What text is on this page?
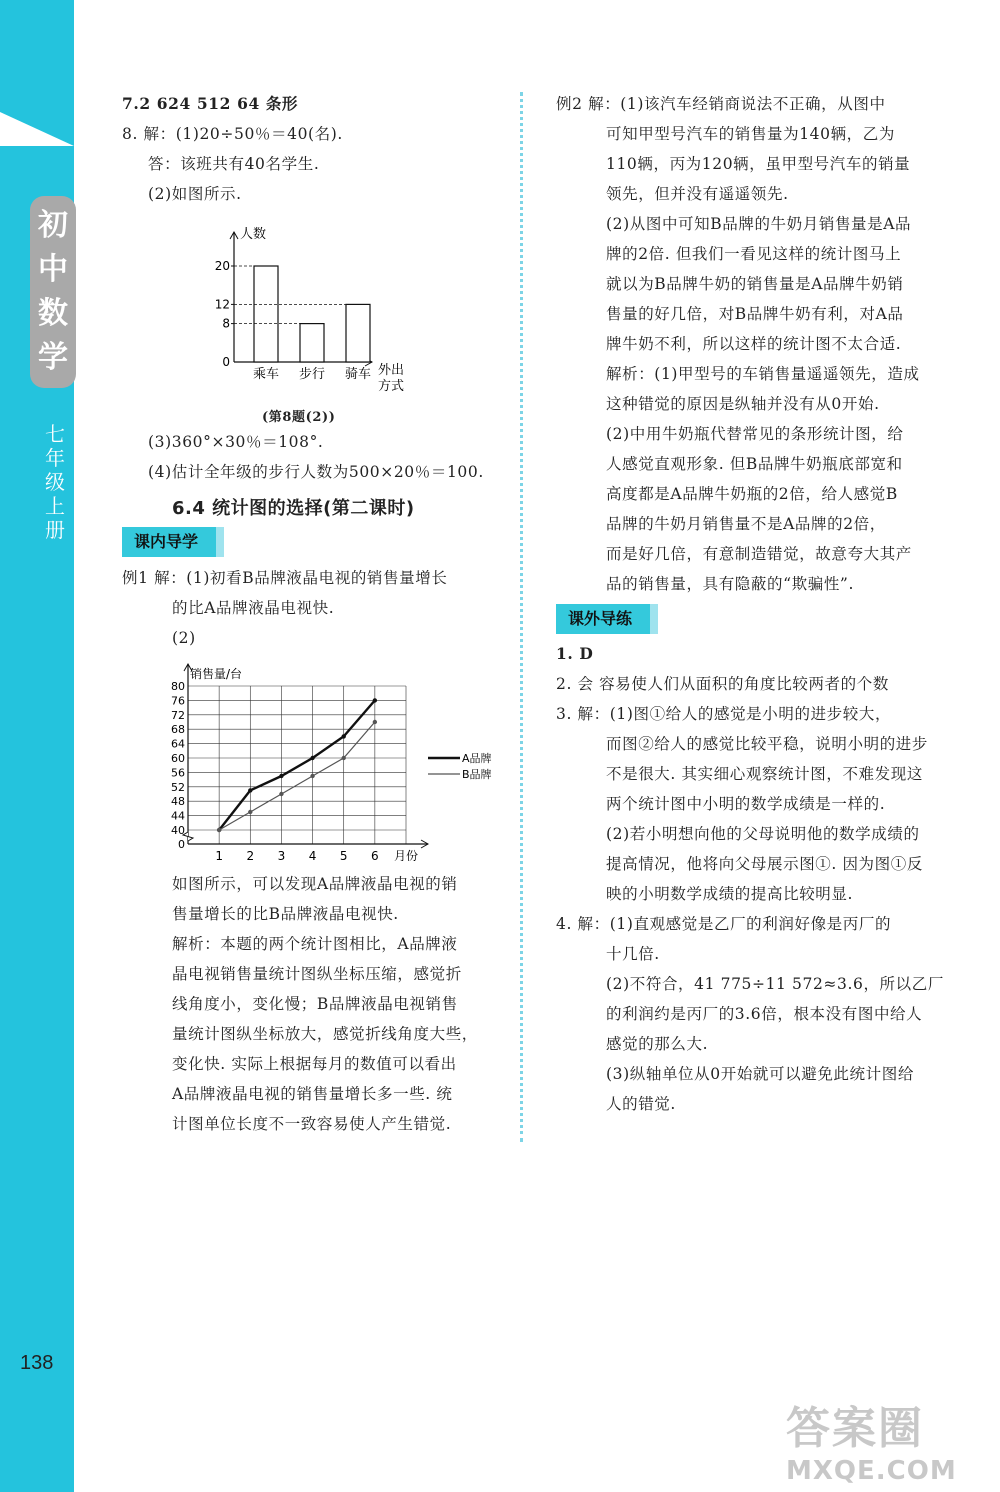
初
中
数
学
七
年
级
上
册
138
7.2 624 512 64 条形
8. 解：(1)20÷50％＝40(名).
答：该班共有40名学生.
(2)如图所示.
人数
外出
方式
0
8
12
20
乘车 步行 骑车
(第8题(2))
(3)360°×30％＝108°.
(4)估计全年级的步行人数为500×20％＝100.
6.4 统计图的选择(第二课时)
课内导学
例1 解：(1)初看B品牌液晶电视的销售量增长
的比A品牌液晶电视快.
(2)
销售量/台
月份
0
40
44
48
52
56
60
64
68
72
76
80
1 2 3 4 5 6
A品牌
B品牌
如图所示，可以发现A品牌液晶电视的销
售量增长的比B品牌液晶电视快.
解析：本题的两个统计图相比，A品牌液
晶电视销售量统计图纵坐标压缩，感觉折
线角度小，变化慢；B品牌液晶电视销售
量统计图纵坐标放大，感觉折线角度大些，
变化快. 实际上根据每月的数值可以看出
A品牌液晶电视的销售量增长多一些. 统
计图单位长度不一致容易使人产生错觉.
例2 解：(1)该汽车经销商说法不正确，从图中
可知甲型号汽车的销售量为140辆，乙为
110辆，丙为120辆，虽甲型号汽车的销量
领先，但并没有遥遥领先.
(2)从图中可知B品牌的牛奶月销售量是A品
牌的2倍. 但我们一看见这样的统计图马上
就以为B品牌牛奶的销售量是A品牌牛奶销
售量的好几倍，对B品牌牛奶有利，对A品
牌牛奶不利，所以这样的统计图不太合适.
解析：(1)甲型号的车销售量遥遥领先，造成
这种错觉的原因是纵轴并没有从0开始.
(2)中用牛奶瓶代替常见的条形统计图，给
人感觉直观形象. 但B品牌牛奶瓶底部宽和
高度都是A品牌牛奶瓶的2倍，给人感觉B
品牌的牛奶月销售量不是A品牌的2倍，
而是好几倍，有意制造错觉，故意夸大其产
品的销售量，具有隐蔽的“欺骗性”.
课外导练
1. D
2. 会 容易使人们从面积的角度比较两者的个数
3. 解：(1)图①给人的感觉是小明的进步较大，
而图②给人的感觉比较平稳，说明小明的进步
不是很大. 其实细心观察统计图，不难发现这
两个统计图中小明的数学成绩是一样的.
(2)若小明想向他的父母说明他的数学成绩的
提高情况，他将向父母展示图①. 因为图①反
映的小明数学成绩的提高比较明显.
4. 解：(1)直观感觉是乙厂的利润好像是丙厂的
十几倍.
(2)不符合，41 775÷11 572≈3.6，所以乙厂
的利润约是丙厂的3.6倍，根本没有图中给人
感觉的那么大.
(3)纵轴单位从0开始就可以避免此统计图给
人的错觉.
答案圈
MXQE.COM
